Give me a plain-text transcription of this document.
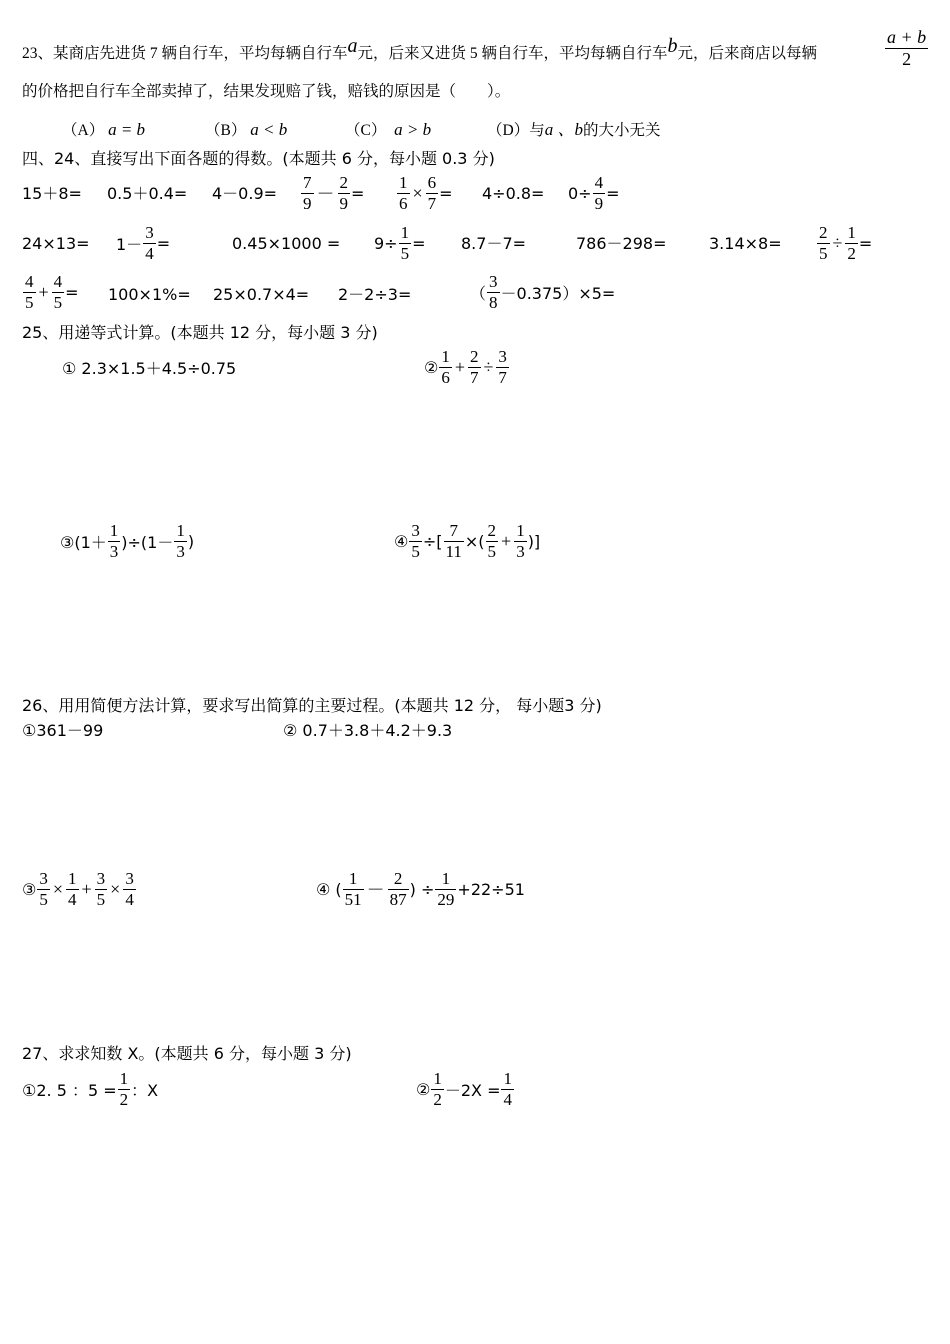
23、某商店先进货 7 辆自行车，平均每辆自行车a元，后来又进货 5 辆自行车，平均每辆自行车b元，后来商店以每辆	$\frac{a + b}{2}$
的价格把自行车全部卖掉了，结果发现赔了钱，赔钱的原因是（　　）。
（A） a = b	（B） a < b	（C）　 a > b	（D）与a 、b的大小无关
四、24、直接写出下面各题的得数。(本题共 6 分，每小题 0.3 分)
$15+8= 0.5+0.4= 4-0.9= \frac{7}{9} - \frac{2}{9} = \frac{1}{6} \times \frac{6}{7} = 4\div 0.8= 0\div \frac{4}{9}$ =
$24\times 13= 1- \frac{3}{4}$ =	$0.45\times 1000 = 9\div \frac{1}{5} = 8.7-7=$	786－298=	$3.14\times 8= \frac{2}{5} \div \frac{1}{2}$ =
$\frac{4}{5} + \frac{4}{5} = 100\times 1\%= 25\times 0.7\times 4= 2-2\div 3=$	（ $\frac{3}{8} -0.375)\times 5=$
25、用递等式计算。(本题共 12 分，每小题 3 分)
① 2.3×1.5＋4.5÷0.75	② $\frac{1}{6} + \frac{2}{7} \div \frac{3}{7}$
③(1＋ $\frac{1}{3} )\div(1- \frac{1}{3}$ )	④ $\frac{3}{5}$ ÷[ $\frac{7}{11}$ ×( $\frac{2}{5} + \frac{1}{3}$ )]
26、用用简便方法计算，要求写出简算的主要过程。(本题共 12 分， 每小题3 分)
①361－99	② 0.7＋3.8＋4.2＋9.3
③ $\frac{3}{5} \times \frac{1}{4} + \frac{3}{5} \times \frac{3}{4}$	④ ( $\frac{1}{51} - \frac{2}{87}$ ) ÷ $\frac{1}{29} +22\div 51$
27、求求知数 X。(本题共 6 分，每小题 3 分)
①2. 5 ：$5 = \frac{1}{2}$ ：X	② $\frac{1}{2} -2X = \frac{1}{4}$
